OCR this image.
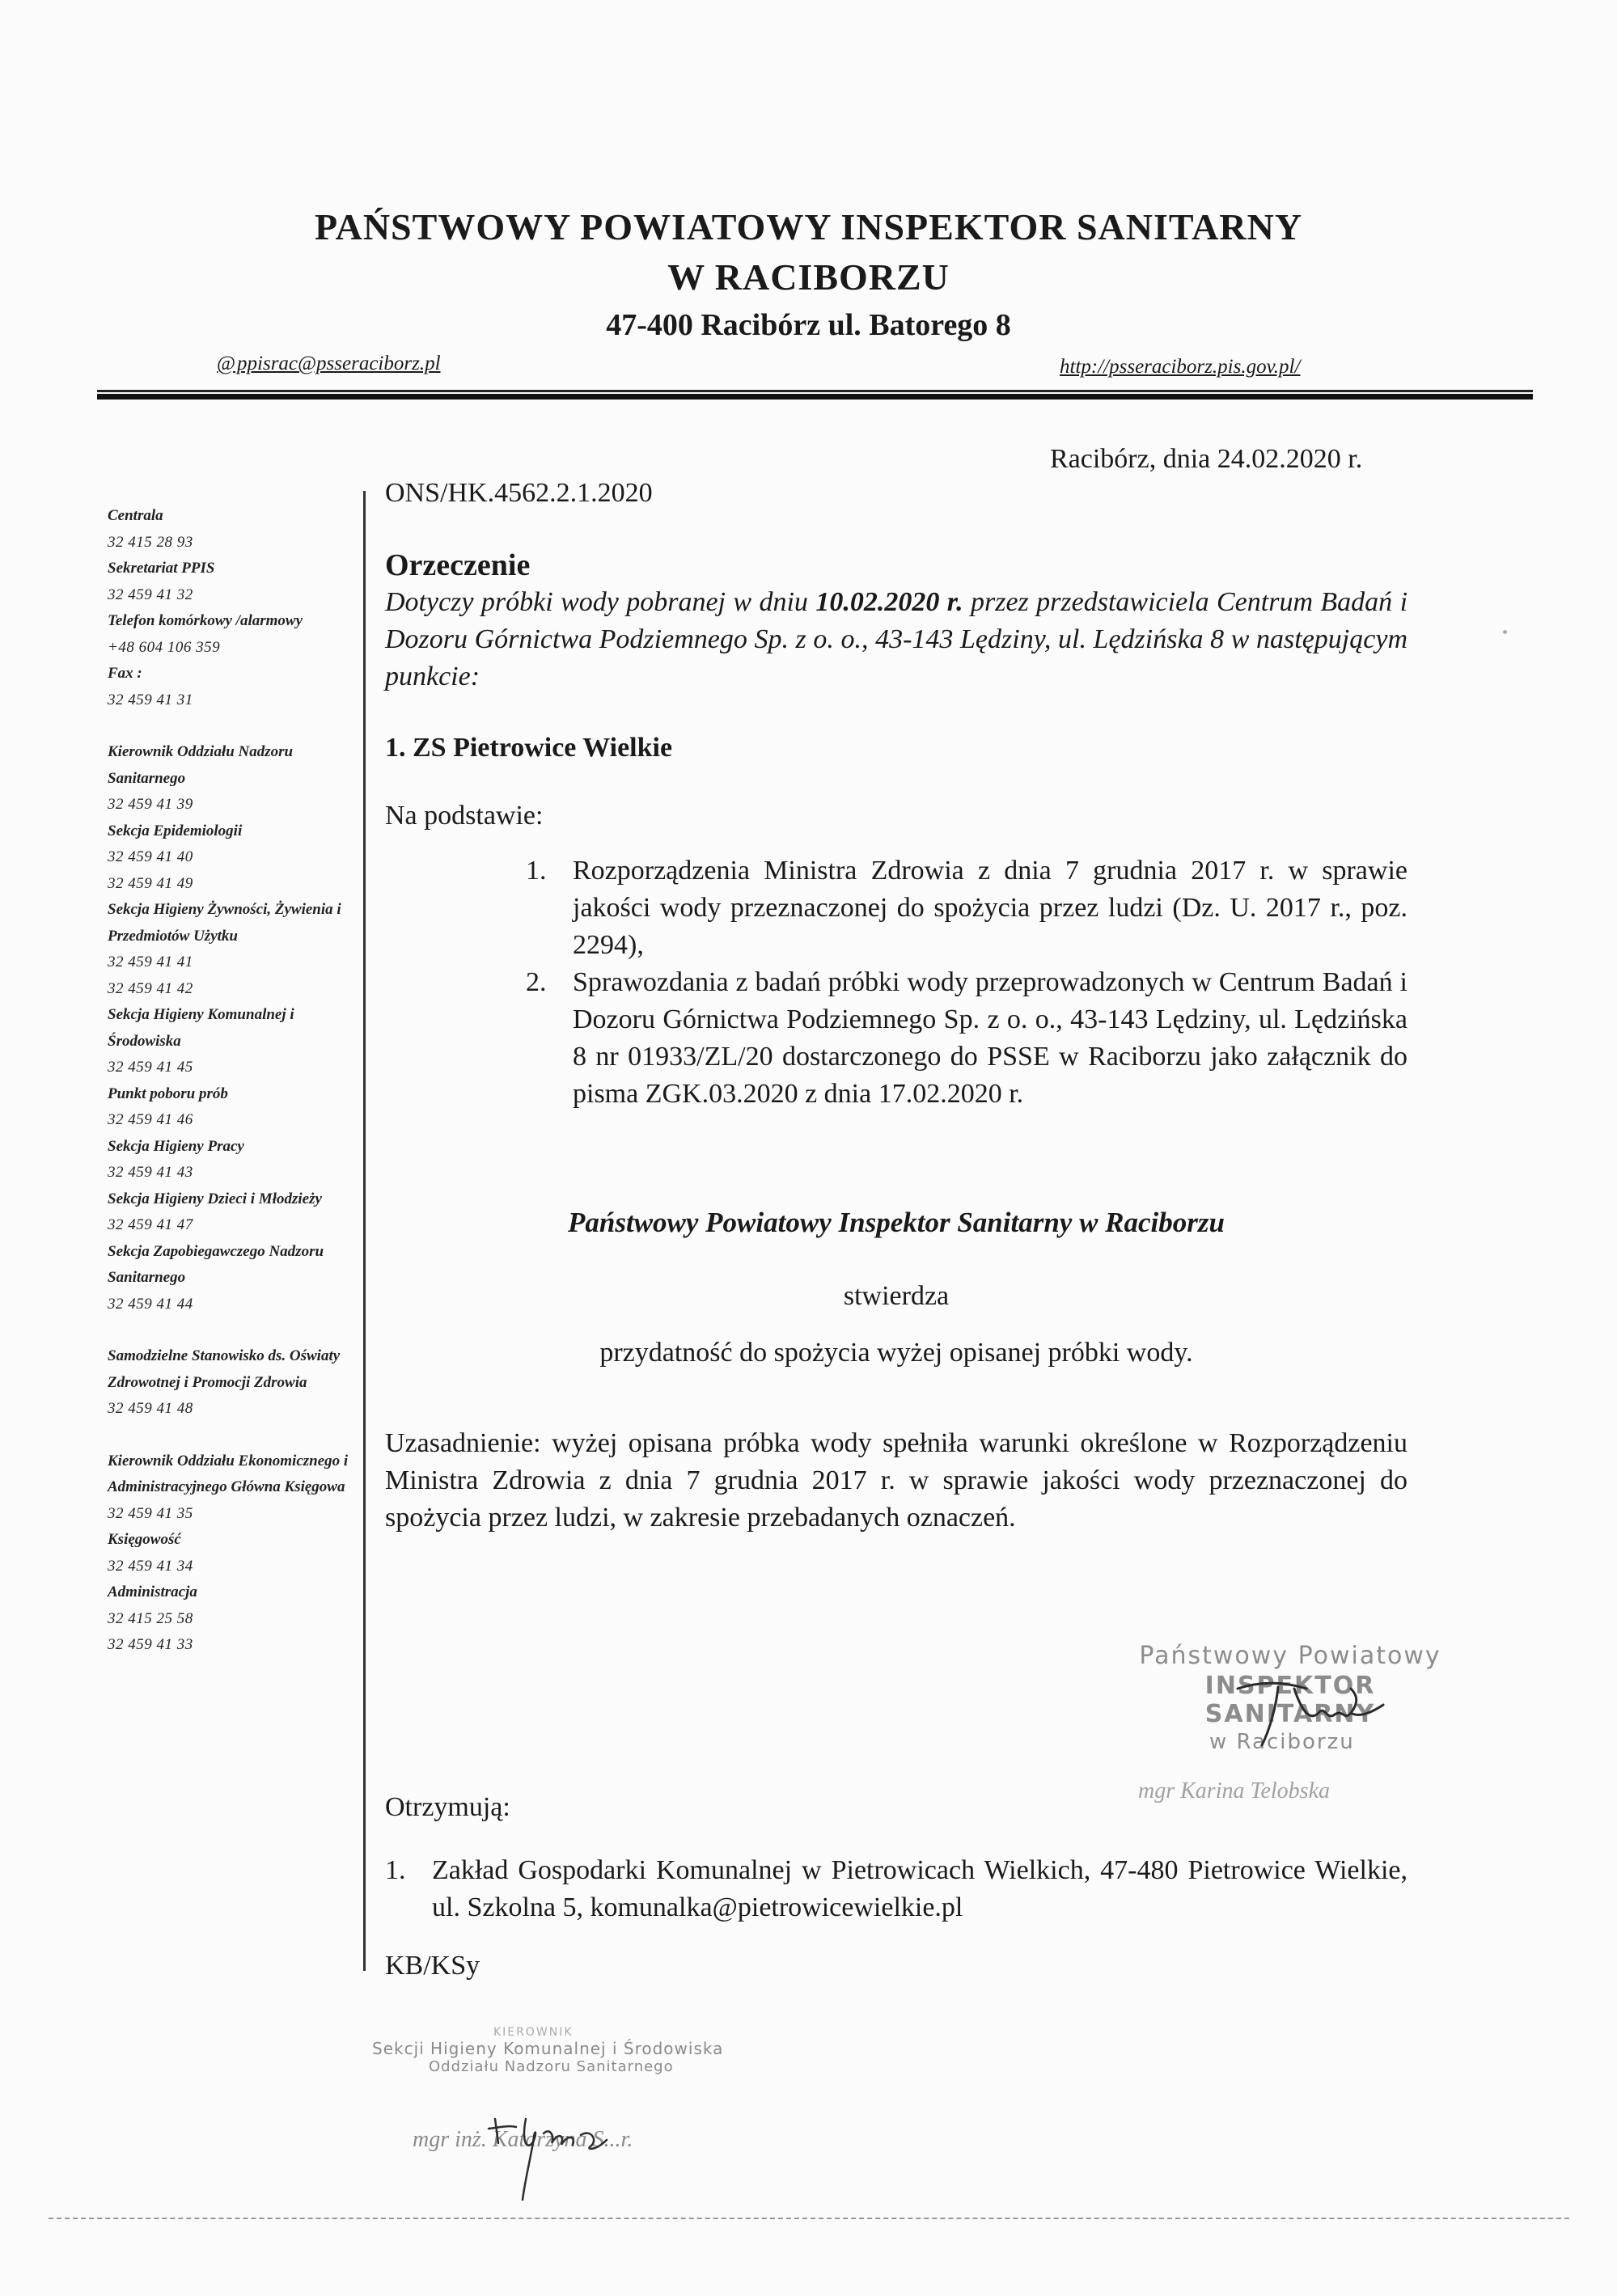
PAŃSTWOWY POWIATOWY INSPEKTOR SANITARNY
W RACIBORZU
47-400 Racibórz ul. Batorego 8
@ppisrac@psseraciborz.pl	http://psseraciborz.pis.gov.pl/
Centrala
32 415 28 93
Sekretariat PPIS
32 459 41 32
Telefon komórkowy /alarmowy
+48 604 106 359
Fax :
32 459 41 31
Kierownik Oddziału Nadzoru Sanitarnego
32 459 41 39
Sekcja Epidemiologii
32 459 41 40
32 459 41 49
Sekcja Higieny Żywności, Żywienia i Przedmiotów Użytku
32 459 41 41
32 459 41 42
Sekcja Higieny Komunalnej i Środowiska
32 459 41 45
Punkt poboru prób
32 459 41 46
Sekcja Higieny Pracy
32 459 41 43
Sekcja Higieny Dzieci i Młodzieży
32 459 41 47
Sekcja Zapobiegawczego Nadzoru Sanitarnego
32 459 41 44
Samodzielne Stanowisko ds. Oświaty Zdrowotnej i Promocji Zdrowia
32 459 41 48
Kierownik Oddziału Ekonomicznego i Administracyjnego Główna Księgowa
32 459 41 35
Księgowość
32 459 41 34
Administracja
32 415 25 58
32 459 41 33
ONS/HK.4562.2.1.2020
Racibórz, dnia 24.02.2020 r.
Orzeczenie

Dotyczy próbki wody pobranej w dniu 10.02.2020 r. przez przedstawiciela Centrum Badań i Dozoru Górnictwa Podziemnego Sp. z o. o., 43-143 Lędziny, ul. Lędzińska 8 w następującym punkcie:

1. ZS Pietrowice Wielkie
Na podstawie:
1. Rozporządzenia Ministra Zdrowia z dnia 7 grudnia 2017 r. w sprawie jakości wody przeznaczonej do spożycia przez ludzi (Dz. U. 2017 r., poz. 2294),
2. Sprawozdania z badań próbki wody przeprowadzonych w Centrum Badań i Dozoru Górnictwa Podziemnego Sp. z o. o., 43-143 Lędziny, ul. Lędzińska 8 nr 01933/ZL/20 dostarczonego do PSSE w Raciborzu jako załącznik do pisma ZGK.03.2020 z dnia 17.02.2020 r.
Państwowy Powiatowy Inspektor Sanitarny w Raciborzu
stwierdza
przydatność do spożycia wyżej opisanej próbki wody.
Uzasadnienie: wyżej opisana próbka wody spełniła warunki określone w Rozporządzeniu Ministra Zdrowia z dnia 7 grudnia 2017 r. w sprawie jakości wody przeznaczonej do spożycia przez ludzi, w zakresie przebadanych oznaczeń.
Państwowy Powiatowy
INSPEKTOR SANITARNY
w Raciborzu
mgr Karina Telobska
Otrzymują:
1. Zakład Gospodarki Komunalnej w Pietrowicach Wielkich, 47-480 Pietrowice Wielkie, ul. Szkolna 5, komunalka@pietrowicewielkie.pl
KB/KSy
KIEROWNIK
Sekcji Higieny Komunalnej i Środowiska
Oddziału Nadzoru Sanitarnego
mgr inż. Katarzyna S...r.
